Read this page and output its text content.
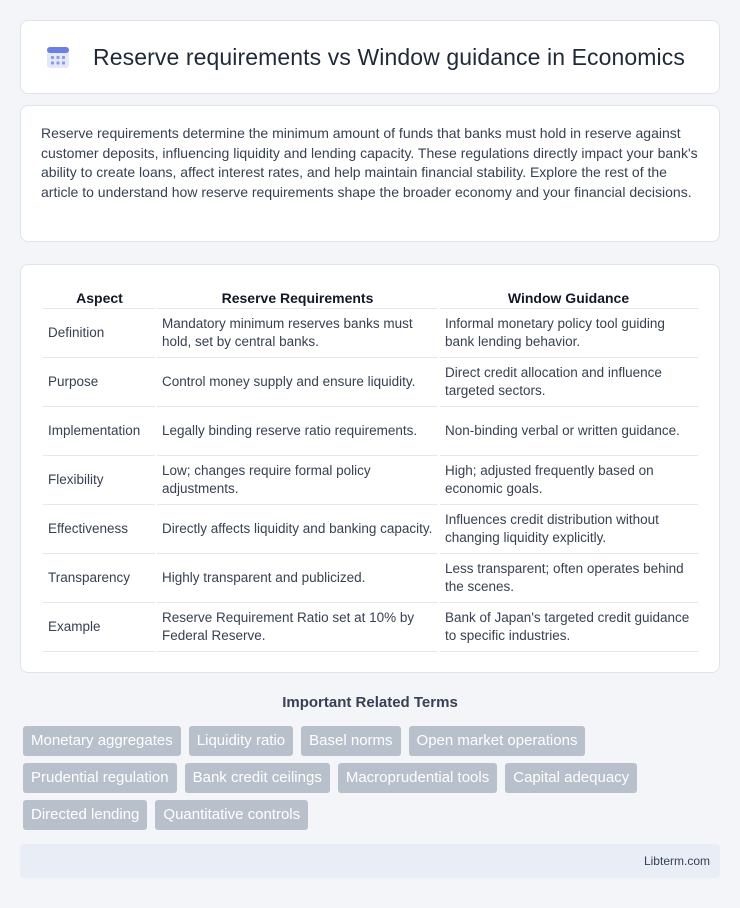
Reserve requirements vs Window guidance in Economics

Reserve requirements determine the minimum amount of funds that banks must hold in reserve against customer deposits, influencing liquidity and lending capacity. These regulations directly impact your bank's ability to create loans, affect interest rates, and help maintain financial stability. Explore the rest of the article to understand how reserve requirements shape the broader economy and your financial decisions.

Aspect	Reserve Requirements	Window Guidance
Definition	Mandatory minimum reserves banks must hold, set by central banks.	Informal monetary policy tool guiding bank lending behavior.
Purpose	Control money supply and ensure liquidity.	Direct credit allocation and influence targeted sectors.
Implementation	Legally binding reserve ratio requirements.	Non-binding verbal or written guidance.
Flexibility	Low; changes require formal policy adjustments.	High; adjusted frequently based on economic goals.
Effectiveness	Directly affects liquidity and banking capacity.	Influences credit distribution without changing liquidity explicitly.
Transparency	Highly transparent and publicized.	Less transparent; often operates behind the scenes.
Example	Reserve Requirement Ratio set at 10% by Federal Reserve.	Bank of Japan's targeted credit guidance to specific industries.
Important Related Terms
Monetary aggregates	Liquidity ratio	Basel norms	Open market operations
Prudential regulation	Bank credit ceilings	Macroprudential tools	Capital adequacy
Directed lending	Quantitative controls
Libterm.com
